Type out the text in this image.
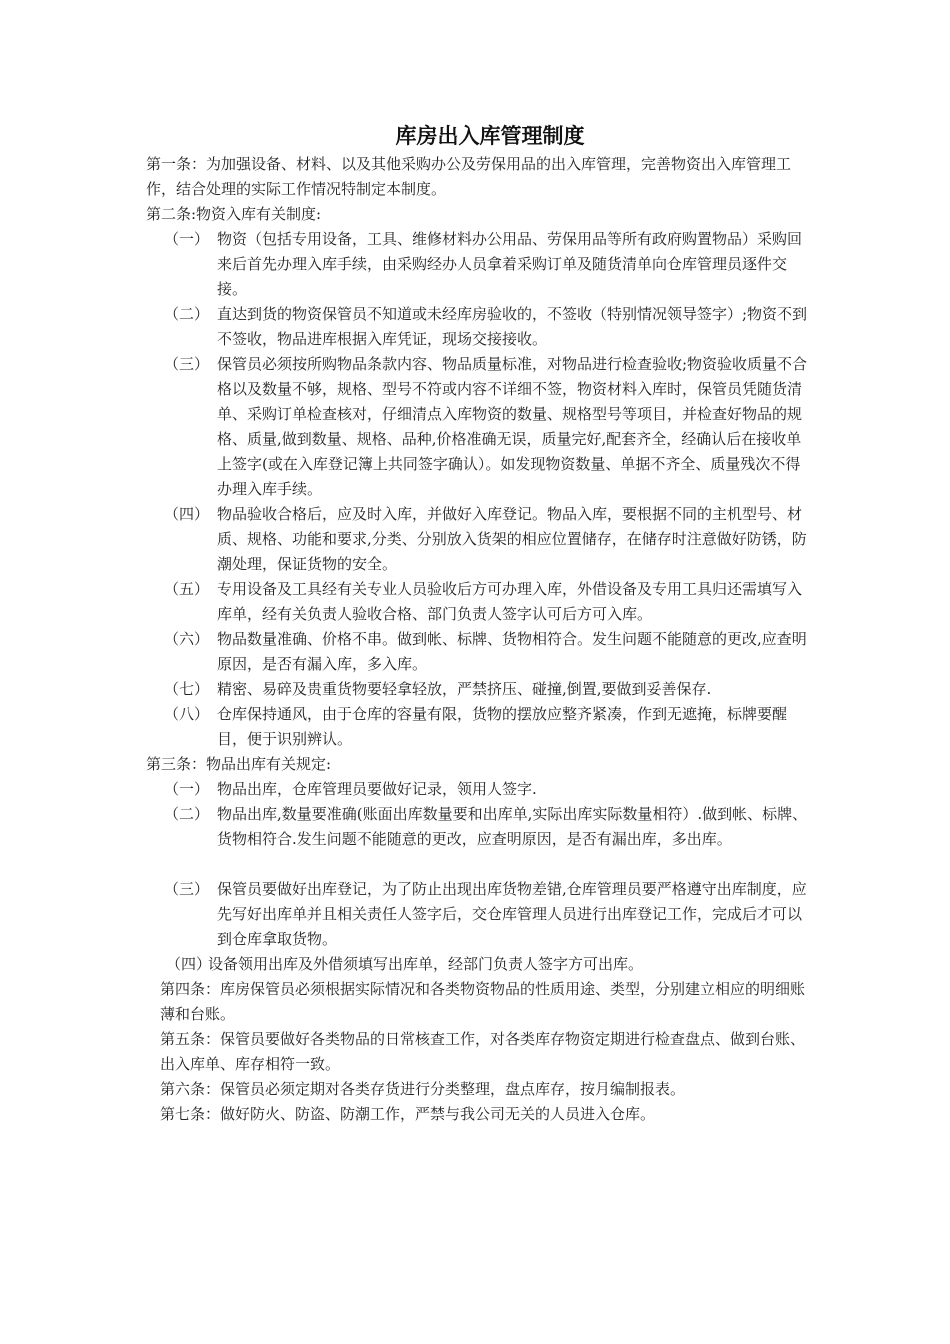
库房出入库管理制度

第一条：为加强设备、材料、以及其他采购办公及劳保用品的出入库管理，完善物资出入库管理工作，结合处理的实际工作情况特制定本制度。

第二条:物资入库有关制度:

（一） 物资（包括专用设备，工具、维修材料办公用品、劳保用品等所有政府购置物品）采购回来后首先办理入库手续，由采购经办人员拿着采购订单及随货清单向仓库管理员逐件交接。
（二） 直达到货的物资保管员不知道或未经库房验收的，不签收（特别情况领导签字）;物资不到不签收，物品进库根据入库凭证，现场交接接收。
（三） 保管员必须按所购物品条款内容、物品质量标准，对物品进行检查验收;物资验收质量不合格以及数量不够，规格、型号不符或内容不详细不签，物资材料入库时，保管员凭随货清单、采购订单检查核对，仔细清点入库物资的数量、规格型号等项目，并检查好物品的规格、质量,做到数量、规格、品种,价格准确无误，质量完好,配套齐全，经确认后在接收单上签字(或在入库登记簿上共同签字确认）。如发现物资数量、单据不齐全、质量残次不得办理入库手续。
（四） 物品验收合格后，应及时入库，并做好入库登记。物品入库，要根据不同的主机型号、材质、规格、功能和要求,分类、分别放入货架的相应位置储存，在储存时注意做好防锈，防潮处理，保证货物的安全。
（五） 专用设备及工具经有关专业人员验收后方可办理入库，外借设备及专用工具归还需填写入库单，经有关负责人验收合格、部门负责人签字认可后方可入库。
（六） 物品数量准确、价格不串。做到帐、标牌、货物相符合。发生问题不能随意的更改,应查明原因，是否有漏入库，多入库。
（七） 精密、易碎及贵重货物要轻拿轻放，严禁挤压、碰撞,倒置,要做到妥善保存.
（八） 仓库保持通风，由于仓库的容量有限，货物的摆放应整齐紧凑，作到无遮掩，标牌要醒目，便于识别辨认。

第三条：物品出库有关规定:

（一） 物品出库，仓库管理员要做好记录，领用人签字.
（二） 物品出库,数量要准确(账面出库数量要和出库单,实际出库实际数量相符）.做到帐、标牌、货物相符合.发生问题不能随意的更改，应查明原因，是否有漏出库，多出库。
（三） 保管员要做好出库登记，为了防止出现出库货物差错,仓库管理员要严格遵守出库制度，应先写好出库单并且相关责任人签字后，交仓库管理人员进行出库登记工作，完成后才可以到仓库拿取货物。
（四）
设备领用出库及外借须填写出库单，经部门负责人签字方可出库。

第四条：库房保管员必须根据实际情况和各类物资物品的性质用途、类型，分别建立相应的明细账薄和台账。

第五条：保管员要做好各类物品的日常核查工作，对各类库存物资定期进行检查盘点、做到台账、出入库单、库存相符一致。

第六条：保管员必须定期对各类存货进行分类整理，盘点库存，按月编制报表。

第七条：做好防火、防盗、防潮工作，严禁与我公司无关的人员进入仓库。
